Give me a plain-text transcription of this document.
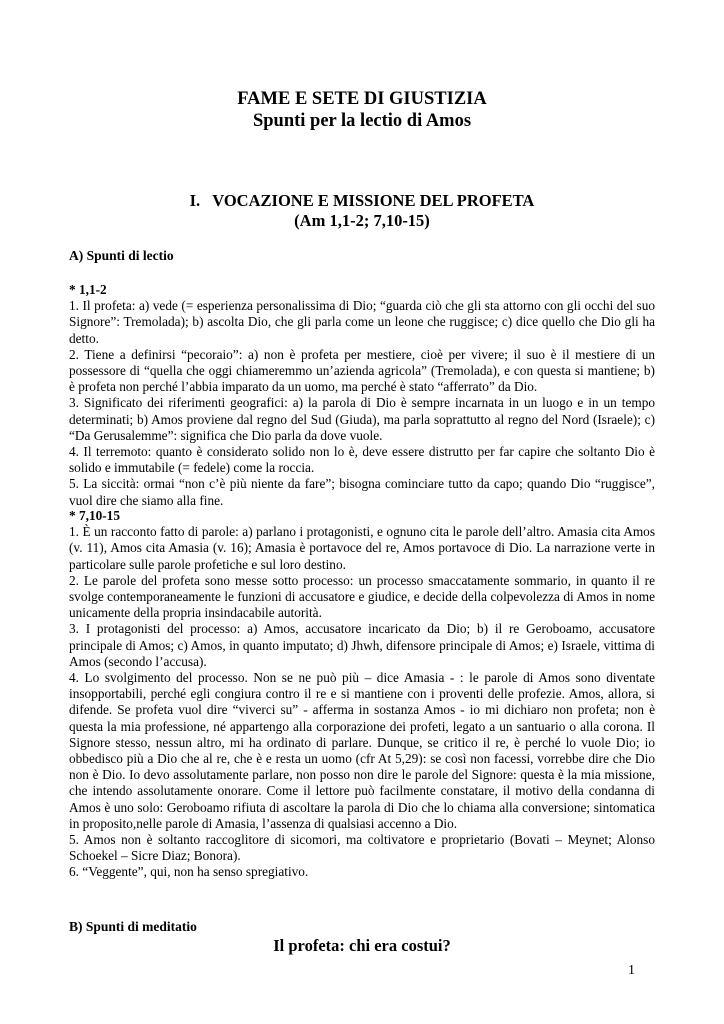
FAME E SETE DI GIUSTIZIA
Spunti per la lectio di Amos
I.   VOCAZIONE E MISSIONE DEL PROFETA
(Am 1,1-2; 7,10-15)
A) Spunti di lectio

* 1,1-2

1. Il profeta: a) vede (= esperienza personalissima di Dio; “guarda ciò che gli sta attorno con gli occhi del suo Signore”: Tremolada); b) ascolta Dio, che gli parla come un leone che ruggisce; c) dice quello che Dio gli ha detto.

2. Tiene a definirsi “pecoraio”: a) non è profeta per mestiere, cioè per vivere; il suo è il mestiere di un possessore di “quella che oggi chiameremmo un’azienda agricola” (Tremolada), e con questa si mantiene; b) è profeta non perché l’abbia imparato da un uomo, ma perché è stato “afferrato” da Dio.

3. Significato dei riferimenti geografici: a) la parola di Dio è sempre incarnata in un luogo e in un tempo determinati; b) Amos proviene dal regno del Sud (Giuda), ma parla soprattutto al regno del Nord (Israele); c) “Da Gerusalemme”: significa che Dio parla da dove vuole.

4. Il terremoto: quanto è considerato solido non lo è, deve essere distrutto per far capire che soltanto Dio è solido e immutabile (= fedele) come la roccia.

5. La siccità: ormai “non c’è più niente da fare”; bisogna cominciare tutto da capo; quando Dio “ruggisce”, vuol dire che siamo alla fine.

* 7,10-15

1. È un racconto fatto di parole: a) parlano i protagonisti, e ognuno cita le parole dell’altro. Amasia cita Amos (v. 11), Amos cita Amasia (v. 16); Amasia è portavoce del re, Amos portavoce di Dio. La narrazione verte in particolare sulle parole profetiche e sul loro destino.

2. Le parole del profeta sono messe sotto processo: un processo smaccatamente sommario, in quanto il re svolge contemporaneamente le funzioni di accusatore e giudice, e decide della colpevolezza di Amos in nome unicamente della propria insindacabile autorità.

3. I protagonisti del processo: a) Amos, accusatore incaricato da Dio; b) il re Geroboamo, accusatore principale di Amos; c) Amos, in quanto imputato; d) Jhwh, difensore principale di Amos; e) Israele, vittima di Amos (secondo l’accusa).

4. Lo svolgimento del processo. Non se ne può più – dice Amasia - : le parole di Amos sono diventate insopportabili, perché egli congiura contro il re e si mantiene con i proventi delle profezie. Amos, allora, si difende. Se profeta vuol dire “viverci su” - afferma in sostanza Amos - io mi dichiaro non profeta; non è questa la mia professione, né appartengo alla corporazione dei profeti, legato a un santuario o alla corona. Il Signore stesso, nessun altro, mi ha ordinato di parlare. Dunque, se critico il re, è perché lo vuole Dio; io obbedisco più a Dio che al re, che è e resta un uomo (cfr At 5,29): se così non facessi, vorrebbe dire che Dio non è Dio. Io devo assolutamente parlare, non posso non dire le parole del Signore: questa è la mia missione, che intendo assolutamente onorare. Come il lettore può facilmente constatare, il motivo della condanna di Amos è uno solo: Geroboamo rifiuta di ascoltare la parola di Dio che lo chiama alla conversione; sintomatica in proposito,nelle parole di Amasia, l’assenza di qualsiasi accenno a Dio.

5. Amos non è soltanto raccoglitore di sicomori, ma coltivatore e proprietario (Bovati – Meynet; Alonso Schoekel – Sicre Diaz; Bonora).

6. “Veggente”, qui, non ha senso spregiativo.

B) Spunti di meditatio
Il profeta: chi era costui?
1
